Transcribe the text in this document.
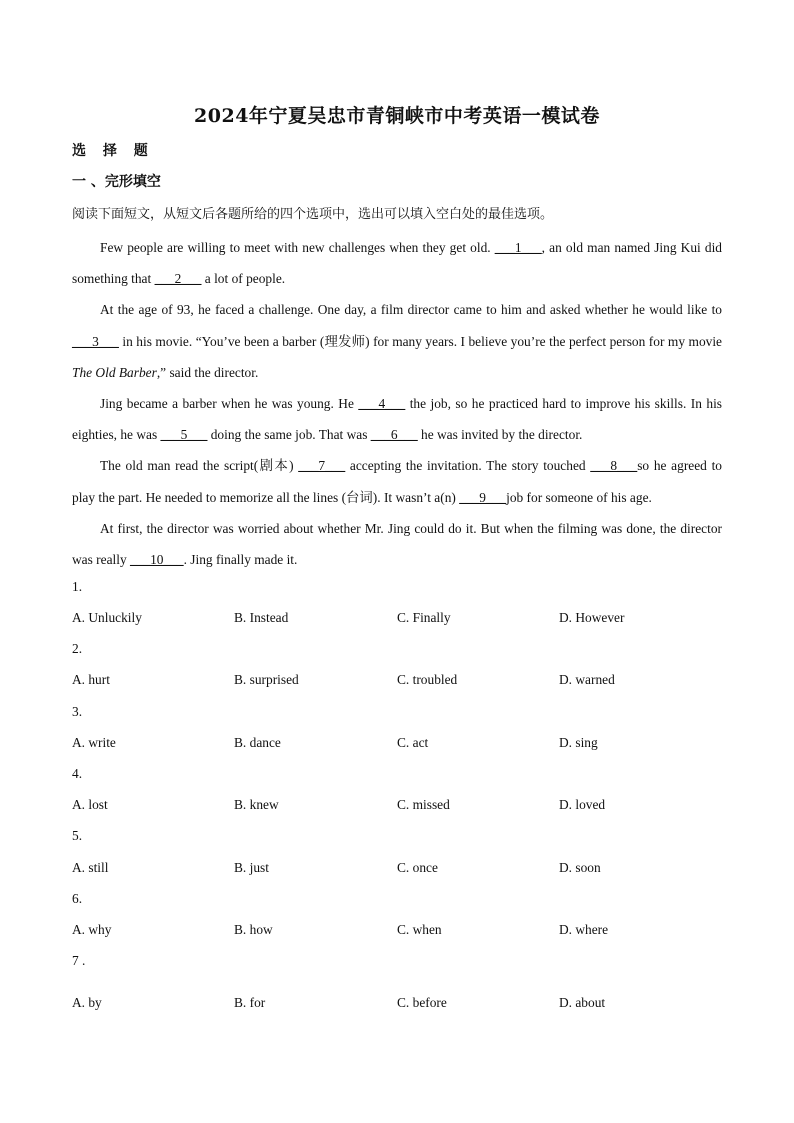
2024年宁夏吴忠市青铜峡市中考英语一模试卷
选 择 题
一 、完形填空
阅读下面短文，从短文后各题所给的四个选项中，选出可以填入空白处的最佳选项。

Few people are willing to meet with new challenges when they get old. ___1___, an old man named Jing Kui did something that ___2___ a lot of people.

At the age of 93, he faced a challenge. One day, a film director came to him and asked whether he would like to ___3___ in his movie. “You’ve been a barber (理发师) for many years. I believe you’re the perfect person for my movie The Old Barber,” said the director.

Jing became a barber when he was young. He ___4___ the job, so he practiced hard to improve his skills. In his eighties, he was ___5___ doing the same job. That was ___6___ he was invited by the director.

The old man read the script(剧本) ___7___ accepting the invitation. The story touched ___8___so he agreed to play the part. He needed to memorize all the lines (台词). It wasn’t a(n) ___9___job for someone of his age.

At first, the director was worried about whether Mr. Jing could do it. But when the filming was done, the director was really ___10___. Jing finally made it.

1.
A. Unluckily	B. Instead	C. Finally	D. However
2.
A. hurt	B. surprised	C. troubled	D. warned
3.
A. write	B. dance	C. act	D. sing
4.
A. lost	B. knew	C. missed	D. loved
5.
A. still	B. just	C. once	D. soon
6.
A. why	B. how	C. when	D. where
7 .
A. by	B. for	C. before	D. about
